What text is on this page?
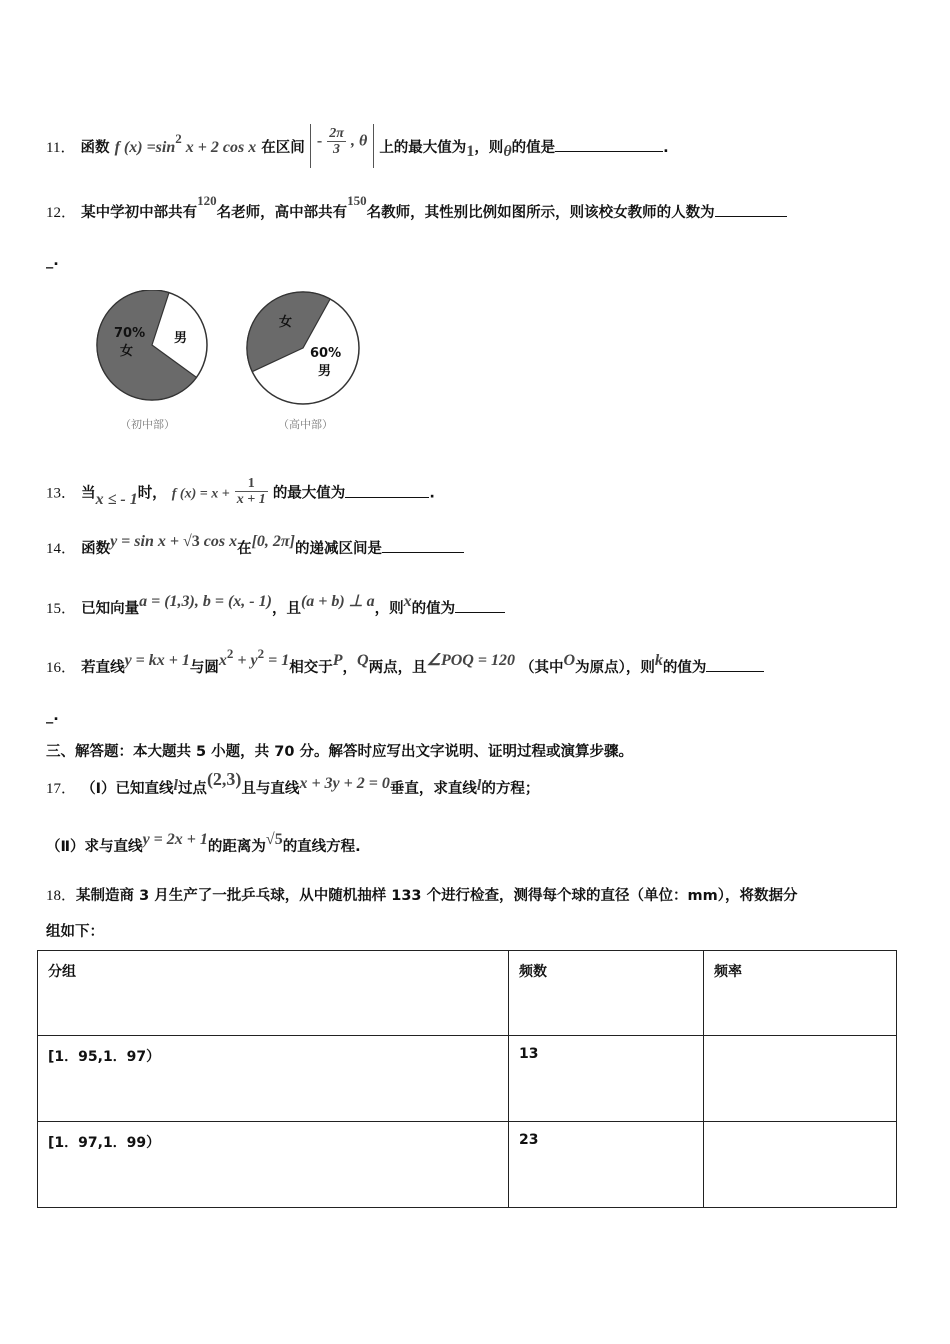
11． 函数 f (x) =sin2 x + 2 cos x 在区间 - $\frac{2\pi}{3}$ , θ 上的最大值为1，则θ的值是	.
12． 某中学初中部共有120名老师，高中部共有150名教师，其性别比例如图所示，则该校女教师的人数为
_.
70%
女
男
（初中部）
女
60%
男
（高中部）
13． 当x ≤ - 1时， f $(x) = x + \frac{1}{x + 1}$ 的最大值为	.
14． 函数y = sin x + √3 cos x在[0, 2π]的递减区间是
15． 已知向量a = (1,3), b = (x, - 1)，且(a + b) ⊥ a，则x的值为
16． 若直线y = kx + 1与圆x2 + y2 = 1相交于P，Q两点，且∠POQ = 120 （其中O为原点），则k的值为
_.
三、解答题：本大题共 5 小题，共 70 分。解答时应写出文字说明、证明过程或演算步骤。
17． （Ⅰ）已知直线l过点(2,3)且与直线x + 3y + 2 = 0垂直，求直线l的方程；
（Ⅱ）求与直线y = 2x + 1的距离为√5的直线方程.
18．某制造商 3 月生产了一批乒乓球，从中随机抽样 133 个进行检查，测得每个球的直径（单位：mm），将数据分
组如下：
分组	频数	频率
[1．95,1．97）	13	
[1．97,1．99）	23	
